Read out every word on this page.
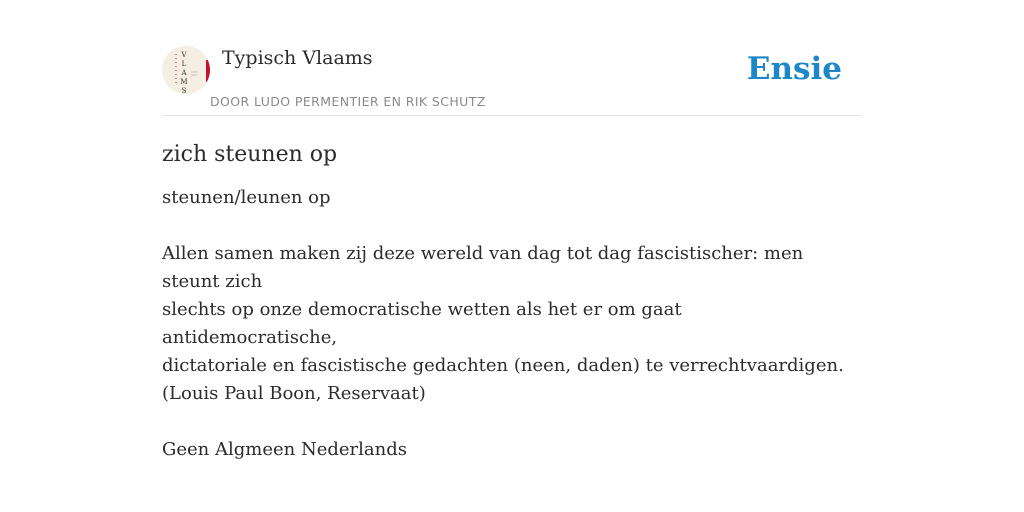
V
L
A
M
S
Typisch Vlaams
DOOR LUDO PERMENTIER EN RIK SCHUTZ
Ensie
zich steunen op

steunen/leunen op

Allen samen maken zij deze wereld van dag tot dag fascistischer: men steunt zich

slechts op onze democratische wetten als het er om gaat antidemocratische,

dictatoriale en fascistische gedachten (neen, daden) te verrechtvaardigen.

(Louis Paul Boon, Reservaat)

Geen Algmeen Nederlands
